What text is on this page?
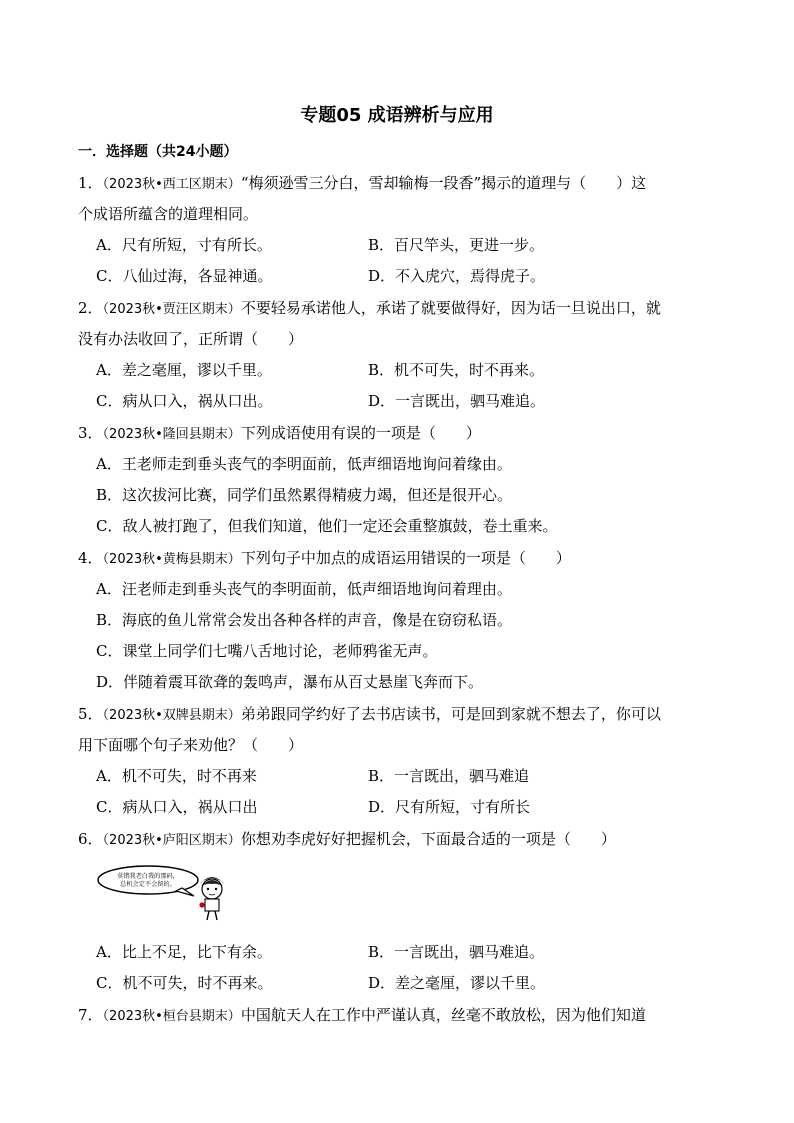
专题05 成语辨析与应用
一．选择题（共24小题）
1．（2023秋•西工区期末）“梅须逊雪三分白，雪却输梅一段香”揭示的道理与（　　）这
个成语所蕴含的道理相同。
A．尺有所短，寸有所长。	B．百尺竿头，更进一步。
C．八仙过海，各显神通。	D．不入虎穴，焉得虎子。
2．（2023秋•贾汪区期末）不要轻易承诺他人，承诺了就要做得好，因为话一旦说出口，就
没有办法收回了，正所谓（　　）
A．差之毫厘，谬以千里。	B．机不可失，时不再来。
C．病从口入，祸从口出。	D．一言既出，驷马难追。
3．（2023秋•隆回县期末）下列成语使用有误的一项是（　　）
A．王老师走到垂头丧气的李明面前，低声细语地询问着缘由。
B．这次拔河比赛，同学们虽然累得精疲力竭，但还是很开心。
C．敌人被打跑了，但我们知道，他们一定还会重整旗鼓，卷土重来。
4．（2023秋•黄梅县期末）下列句子中加点的成语运用错误的一项是（　　）
A．汪老师走到垂头丧气的李明面前，低声细语地询问着理由。
B．海底的鱼儿常常会发出各种各样的声音，像是在窃窃私语。
C．课堂上同学们七嘴八舌地讨论，老师鸦雀无声。
D．伴随着震耳欲聋的轰鸣声，瀑布从百丈悬崖飞奔而下。
5．（2023秋•双牌县期末）弟弟跟同学约好了去书店读书，可是回到家就不想去了，你可以
用下面哪个句子来劝他？（　　）
A．机不可失，时不再来	B．一言既出，驷马难追
C．病从口入，祸从口出	D．尺有所短，寸有所长
6．（2023秋•庐阳区期末）你想劝李虎好好把握机会，下面最合适的一项是（　　）
莫错我老白我的那码，
总机会定不会留的。
A．比上不足，比下有余。	B．一言既出，驷马难追。
C．机不可失，时不再来。	D．差之毫厘，谬以千里。
7．（2023秋•桓台县期末）中国航天人在工作中严谨认真，丝毫不敢放松，因为他们知道
